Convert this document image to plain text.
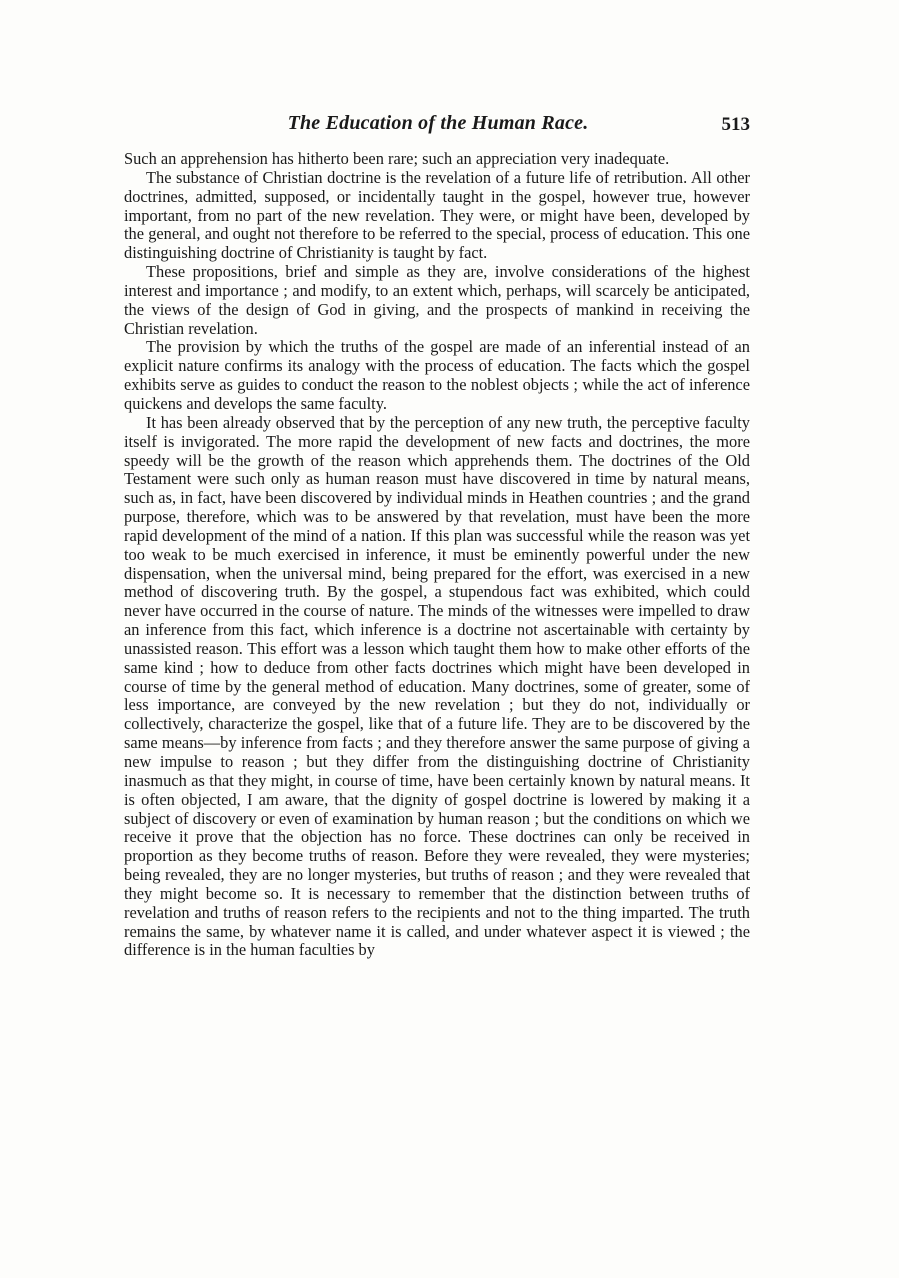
The Education of the Human Race.	513

Such an apprehension has hitherto been rare; such an appreciation very inadequate.

The substance of Christian doctrine is the revelation of a future life of retribution. All other doctrines, admitted, supposed, or incidentally taught in the gospel, however true, however important, from no part of the new revelation. They were, or might have been, developed by the general, and ought not therefore to be referred to the special, process of education. This one distinguishing doctrine of Christianity is taught by fact.

These propositions, brief and simple as they are, involve considerations of the highest interest and importance ; and modify, to an extent which, perhaps, will scarcely be anticipated, the views of the design of God in giving, and the prospects of mankind in receiving the Christian revelation.

The provision by which the truths of the gospel are made of an inferential instead of an explicit nature confirms its analogy with the process of education. The facts which the gospel exhibits serve as guides to conduct the reason to the noblest objects ; while the act of inference quickens and develops the same faculty.

It has been already observed that by the perception of any new truth, the perceptive faculty itself is invigorated. The more rapid the development of new facts and doctrines, the more speedy will be the growth of the reason which apprehends them. The doctrines of the Old Testament were such only as human reason must have discovered in time by natural means, such as, in fact, have been discovered by individual minds in Heathen countries ; and the grand purpose, therefore, which was to be answered by that revelation, must have been the more rapid development of the mind of a nation. If this plan was successful while the reason was yet too weak to be much exercised in inference, it must be eminently powerful under the new dispensation, when the universal mind, being prepared for the effort, was exercised in a new method of discovering truth. By the gospel, a stupendous fact was exhibited, which could never have occurred in the course of nature. The minds of the witnesses were impelled to draw an inference from this fact, which inference is a doctrine not ascertainable with certainty by unassisted reason. This effort was a lesson which taught them how to make other efforts of the same kind ; how to deduce from other facts doctrines which might have been developed in course of time by the general method of education. Many doctrines, some of greater, some of less importance, are conveyed by the new revelation ; but they do not, individually or collectively, characterize the gospel, like that of a future life. They are to be discovered by the same means—by inference from facts ; and they therefore answer the same purpose of giving a new impulse to reason ; but they differ from the distinguishing doctrine of Christianity inasmuch as that they might, in course of time, have been certainly known by natural means. It is often objected, I am aware, that the dignity of gospel doctrine is lowered by making it a subject of discovery or even of examination by human reason ; but the conditions on which we receive it prove that the objection has no force. These doctrines can only be received in proportion as they become truths of reason. Before they were revealed, they were mysteries; being revealed, they are no longer mysteries, but truths of reason ; and they were revealed that they might become so. It is necessary to remember that the distinction between truths of revelation and truths of reason refers to the recipients and not to the thing imparted. The truth remains the same, by whatever name it is called, and under whatever aspect it is viewed ; the difference is in the human faculties by
